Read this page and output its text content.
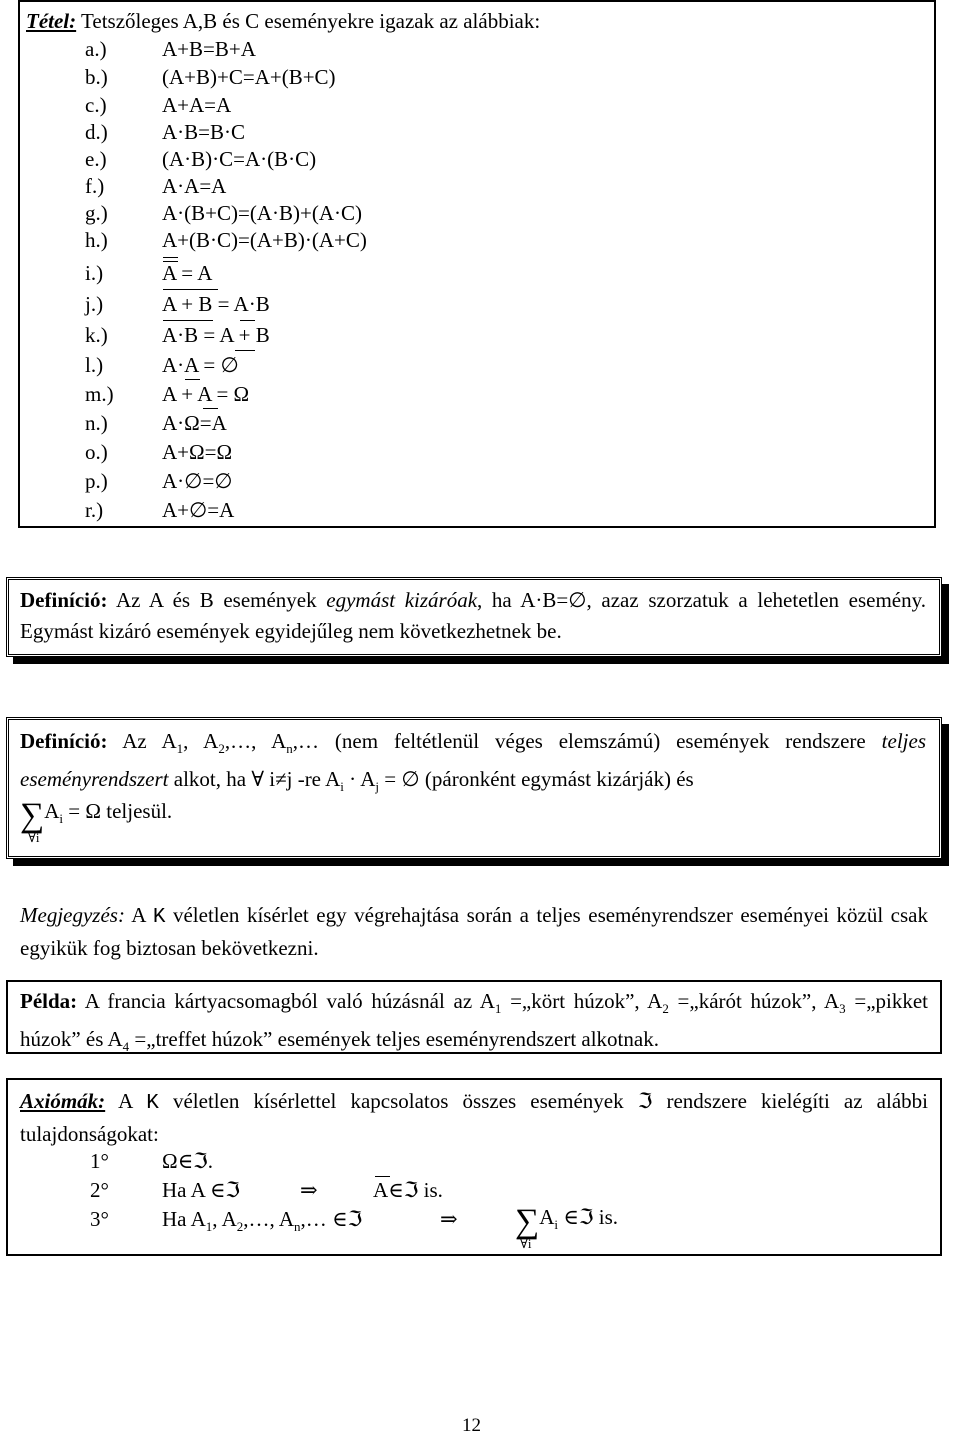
Tétel: Tetszőleges A,B és C eseményekre igazak az alábbiak:
a.)	A+B=B+A
b.)	(A+B)+C=A+(B+C)
c.)	A+A=A
d.)	A·B=B·C
e.)	(A·B)·C=A·(B·C)
f.)	A·A=A
g.)	A·(B+C)=(A·B)+(A·C)
h.)	A+(B·C)=(A+B)·(A+C)
i.)	A = A
j.)	A + B = A·B
k.)	A·B = A + B
l.)	A·A = ∅
m.) A + A = Ω
n.)	A·Ω=A
o.)	A+Ω=Ω
p.)	A·∅=∅
r.)	A+∅=A
Definíció: Az A és B események egymást kizáróak, ha A·B=∅, azaz szorzatuk a lehetetlen esemény. Egymást kizáró események egyidejűleg nem következhetnek be.
Definíció: Az $A_1$, $A_2,\dots$, $A_n,\dots$ (nem feltétlenül véges elemszámú) események rendszere teljes eseményrendszert alkot, ha ∀ i≠j -re $A_i \cdot A_j$ = ∅ (páronként egymást kizárják) és
$\sum A_i = \Omega$ teljesül.
∀i
Megjegyzés: A K véletlen kísérlet egy végrehajtása során a teljes eseményrendszer eseményei közül csak egyikük fog biztosan bekövetkezni.
Példa: A francia kártyacsomagból való húzásnál az $A_1$ =„kört húzok”, $A_2$ =„kárót húzok”, $A_3$ =„pikket húzok” és $A_4$ =„treffet húzok” események teljes eseményrendszert alkotnak.
Axiómák: A K véletlen kísérlettel kapcsolatos összes események ℑ rendszere kielégíti az alábbi tulajdonságokat:
1°	Ω∈ℑ.
2°	Ha A ∈ℑ	⇒	A∈ℑ is.
3°	Ha $A_1$, $A_2,\dots$, $A_n,\dots$ ∈ℑ	⇒ $\sum A_i$ ∈ℑ is.
∀i
12
